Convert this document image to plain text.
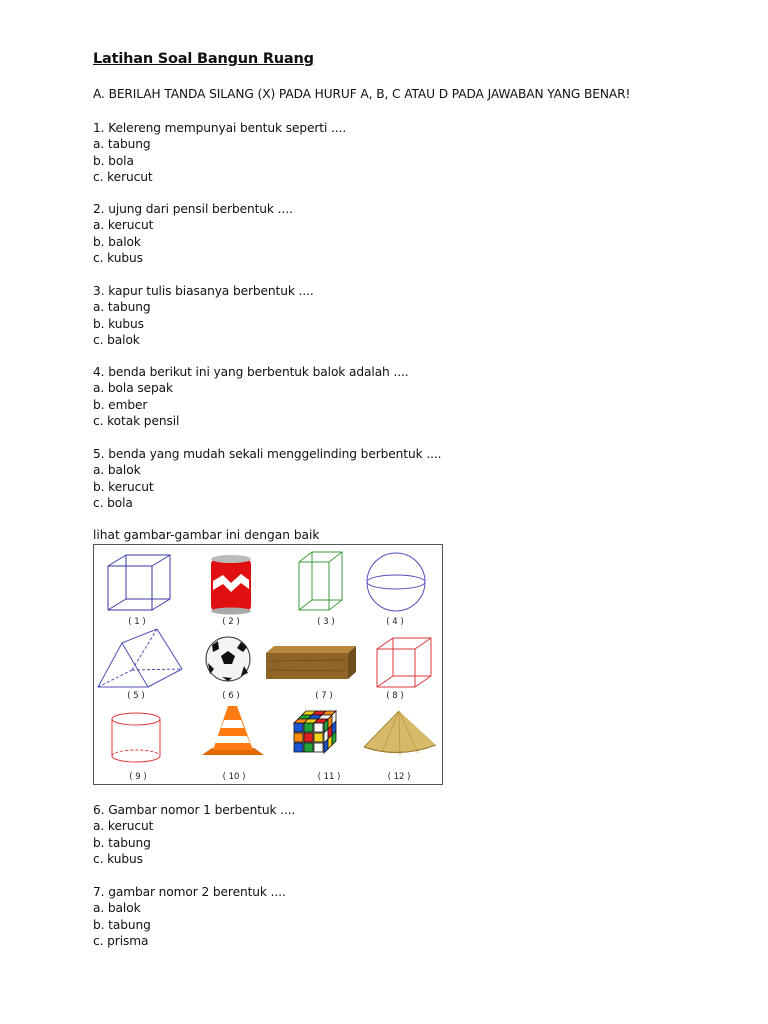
Latihan Soal Bangun Ruang
A. BERILAH TANDA SILANG (X) PADA HURUF A, B, C ATAU D PADA JAWABAN YANG BENAR!
1. Kelereng mempunyai bentuk seperti ....
a. tabung
b. bola
c. kerucut
2. ujung dari pensil berbentuk ....
a. kerucut
b. balok
c. kubus
3. kapur tulis biasanya berbentuk ....
a. tabung
b. kubus
c. balok
4. benda berikut ini yang berbentuk balok adalah ....
a. bola sepak
b. ember
c. kotak pensil
5. benda yang mudah sekali menggelinding berbentuk ....
a. balok
b. kerucut
c. bola
lihat gambar-gambar ini dengan baik
( 1 )	( 2 )	( 3 )	( 4 )
( 5 )	( 6 )	( 7 )	( 8 )
( 9 )	( 10 )	( 11 )	( 12 )
6. Gambar nomor 1 berbentuk ....
a. kerucut
b. tabung
c. kubus
7. gambar nomor 2 berentuk ....
a. balok
b. tabung
c. prisma
